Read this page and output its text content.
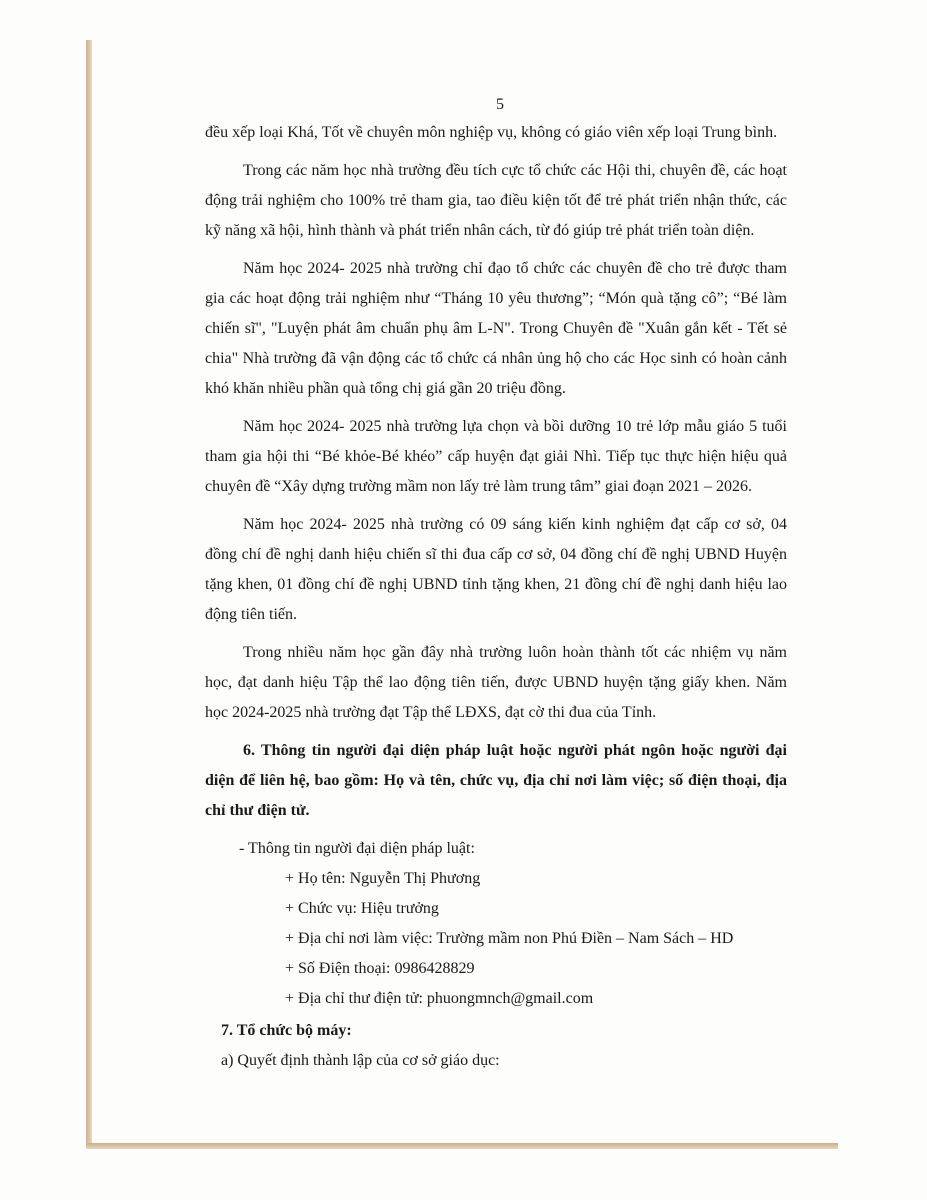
5

đều xếp loại Khá, Tốt về chuyên môn nghiệp vụ, không có giáo viên xếp loại Trung bình.

Trong các năm học nhà trường đều tích cực tổ chức các Hội thi, chuyên đề, các hoạt động trải nghiệm cho 100% trẻ tham gia, tao điều kiện tốt để trẻ phát triển nhận thức, các kỹ năng xã hội, hình thành và phát triển nhân cách, từ đó giúp trẻ phát triển toàn diện.

Năm học 2024- 2025 nhà trường chỉ đạo tổ chức các chuyên đề cho trẻ được tham gia các hoạt động trải nghiệm như “Tháng 10 yêu thương”; “Món quà tặng cô”; “Bé làm chiến sĩ", "Luyện phát âm chuẩn phụ âm L-N". Trong Chuyên đề "Xuân gắn kết - Tết sẻ chia" Nhà trường đã vận động các tổ chức cá nhân ủng hộ cho các Học sinh có hoàn cảnh khó khăn nhiều phần quà tổng chị giá gần 20 triệu đồng.

Năm học 2024- 2025 nhà trường lựa chọn và bồi dưỡng 10 trẻ lớp mẫu giáo 5 tuổi tham gia hội thi “Bé khỏe-Bé khéo” cấp huyện đạt giải Nhì. Tiếp tục thực hiện hiệu quả chuyên đề “Xây dựng trường mầm non lấy trẻ làm trung tâm” giai đoạn 2021 – 2026.

Năm học 2024- 2025 nhà trường có 09 sáng kiến kinh nghiệm đạt cấp cơ sở, 04 đồng chí đề nghị danh hiệu chiến sĩ thi đua cấp cơ sở, 04 đồng chí đề nghị UBND Huyện tặng khen, 01 đồng chí đề nghị UBND tỉnh tặng khen, 21 đồng chí đề nghị danh hiệu lao động tiên tiến.

Trong nhiều năm học gần đây nhà trường luôn hoàn thành tốt các nhiệm vụ năm học, đạt danh hiệu Tập thể lao động tiên tiến, được UBND huyện tặng giấy khen. Năm học 2024-2025 nhà trường đạt Tập thể LĐXS, đạt cờ thi đua của Tỉnh.

6. Thông tin người đại diện pháp luật hoặc người phát ngôn hoặc người đại diện để liên hệ, bao gồm: Họ và tên, chức vụ, địa chỉ nơi làm việc; số điện thoại, địa chỉ thư điện tử.

- Thông tin người đại diện pháp luật:

+ Họ tên: Nguyễn Thị Phương
+ Chức vụ: Hiệu trưởng
+ Địa chỉ nơi làm việc: Trường mầm non Phú Điền – Nam Sách – HD
+ Số Điện thoại: 0986428829
+ Địa chỉ thư điện tử: phuongmnch@gmail.com

7. Tổ chức bộ máy:

a) Quyết định thành lập của cơ sở giáo dục:
